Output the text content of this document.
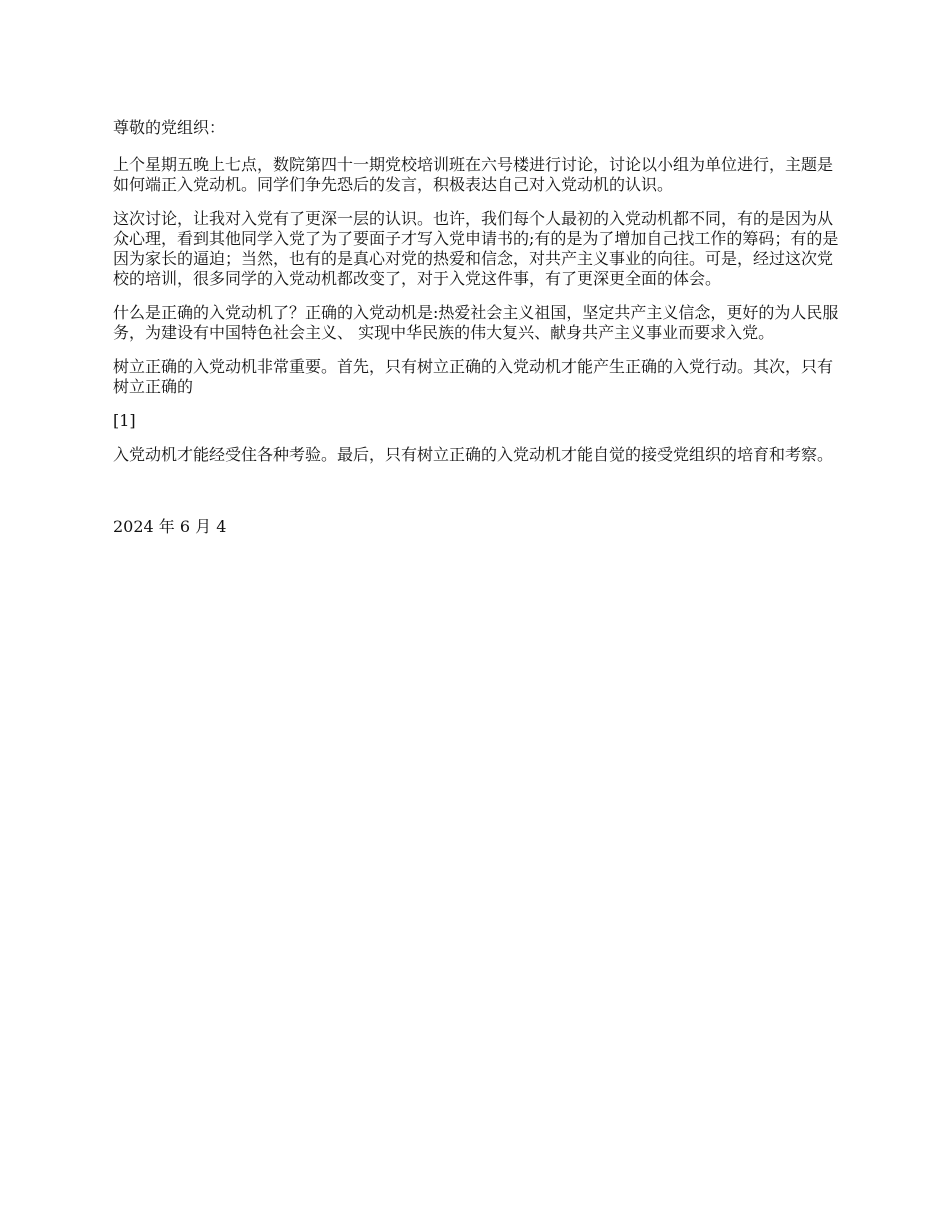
尊敬的党组织：

上个星期五晚上七点，数院第四十一期党校培训班在六号楼进行讨论，讨论以小组为单位进行，主题是如何端正入党动机。同学们争先恐后的发言，积极表达自己对入党动机的认识。

这次讨论，让我对入党有了更深一层的认识。也许，我们每个人最初的入党动机都不同，有的是因为从众心理，看到其他同学入党了为了要面子才写入党申请书的;有的是为了增加自己找工作的筹码；有的是因为家长的逼迫；当然，也有的是真心对党的热爱和信念，对共产主义事业的向往。可是，经过这次党校的培训，很多同学的入党动机都改变了，对于入党这件事，有了更深更全面的体会。

什么是正确的入党动机了？正确的入党动机是:热爱社会主义祖国，坚定共产主义信念，更好的为人民服务，为建设有中国特色社会主义、 实现中华民族的伟大复兴、献身共产主义事业而要求入党。

树立正确的入党动机非常重要。首先，只有树立正确的入党动机才能产生正确的入党行动。其次，只有树立正确的

[1]

入党动机才能经受住各种考验。最后，只有树立正确的入党动机才能自觉的接受党组织的培育和考察。

2024 年 6 月 4
